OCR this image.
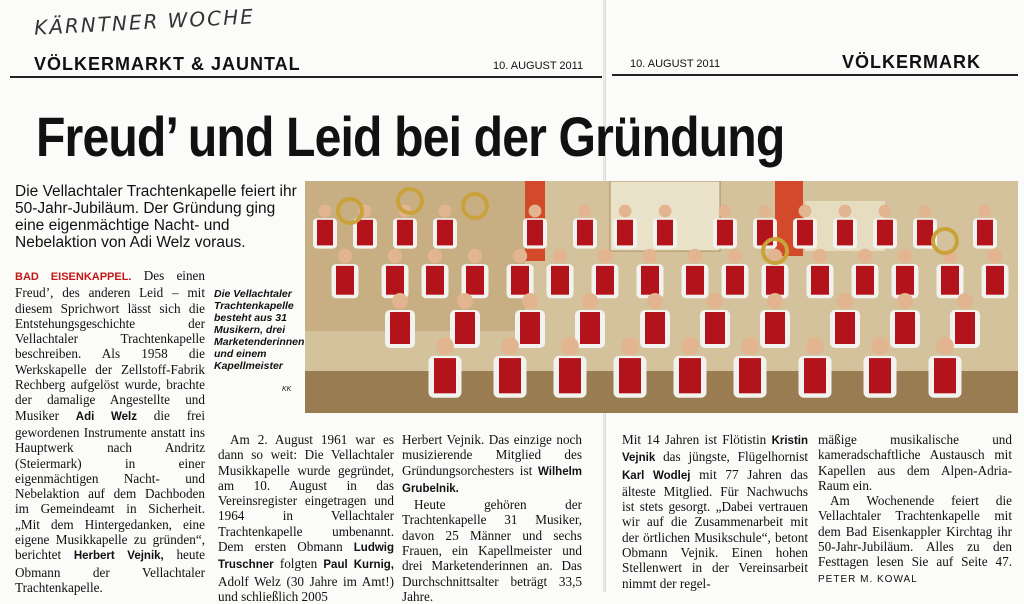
KÄRNTNER WOCHE
VÖLKERMARKT & JAUNTAL	10. AUGUST 2011	10. AUGUST 2011	VÖLKERMARK
Freud’ und Leid bei der Gründung
Die Vellachtaler Trachtenkapelle feiert ihr 50-Jahr-Jubiläum. Der Gründung ging eine eigenmächtige Nacht- und Nebelaktion von Adi Welz voraus.
Die Vellachtaler Trachtenkapelle besteht aus 31 Musikern, drei Marketenderinnen und einem Kapellmeister
KK

BAD EISENKAPPEL. Des einen Freud’, des anderen Leid – mit diesem Sprichwort lässt sich die Entstehungsgeschichte der Vellachtaler Trachtenkapelle beschreiben. Als 1958 die Werkskapelle der Zellstoff-Fabrik Rechberg aufgelöst wurde, brachte der damalige Angestellte und Musiker Adi Welz die frei gewordenen Instrumente anstatt ins Hauptwerk nach Andritz (Steiermark) in einer eigenmächtigen Nacht- und Nebelaktion auf dem Dachboden im Gemeindeamt in Sicherheit. „Mit dem Hintergedanken, eine eigene Musikkapelle zu gründen“, berichtet Herbert Vejnik, heute Obmann der Vellachtaler Trachtenkapelle.

Am 2. August 1961 war es dann so weit: Die Vellachtaler Musikkapelle wurde gegründet, am 10. August in das Vereinsregister eingetragen und 1964 in Vellachtaler Trachtenkapelle umbenannt. Dem ersten Obmann Ludwig Truschner folgten Paul Kurnig, Adolf Welz (30 Jahre im Amt!) und schließlich 2005

Herbert Vejnik. Das einzige noch musizierende Mitglied des Gründungsorchesters ist Wilhelm Grubelnik.

Heute gehören der Trachtenkapelle 31 Musiker, davon 25 Männer und sechs Frauen, ein Kapellmeister und drei Marketenderinnen an. Das Durchschnittsalter beträgt 33,5 Jahre.

Mit 14 Jahren ist Flötistin Kristin Vejnik das jüngste, Flügelhornist Karl Wodlej mit 77 Jahren das älteste Mitglied. Für Nachwuchs ist stets gesorgt. „Dabei vertrauen wir auf die Zusammenarbeit mit der örtlichen Musikschule“, betont Obmann Vejnik. Einen hohen Stellenwert in der Vereinsarbeit nimmt der regel-

mäßige musikalische und kameradschaftliche Austausch mit Kapellen aus dem Alpen-Adria-Raum ein.

Am Wochenende feiert die Vellachtaler Trachtenkapelle mit dem Bad Eisenkappler Kirchtag ihr 50-Jahr-Jubiläum. Alles zu den Festtagen lesen Sie auf Seite 47. PETER M. KOWAL
